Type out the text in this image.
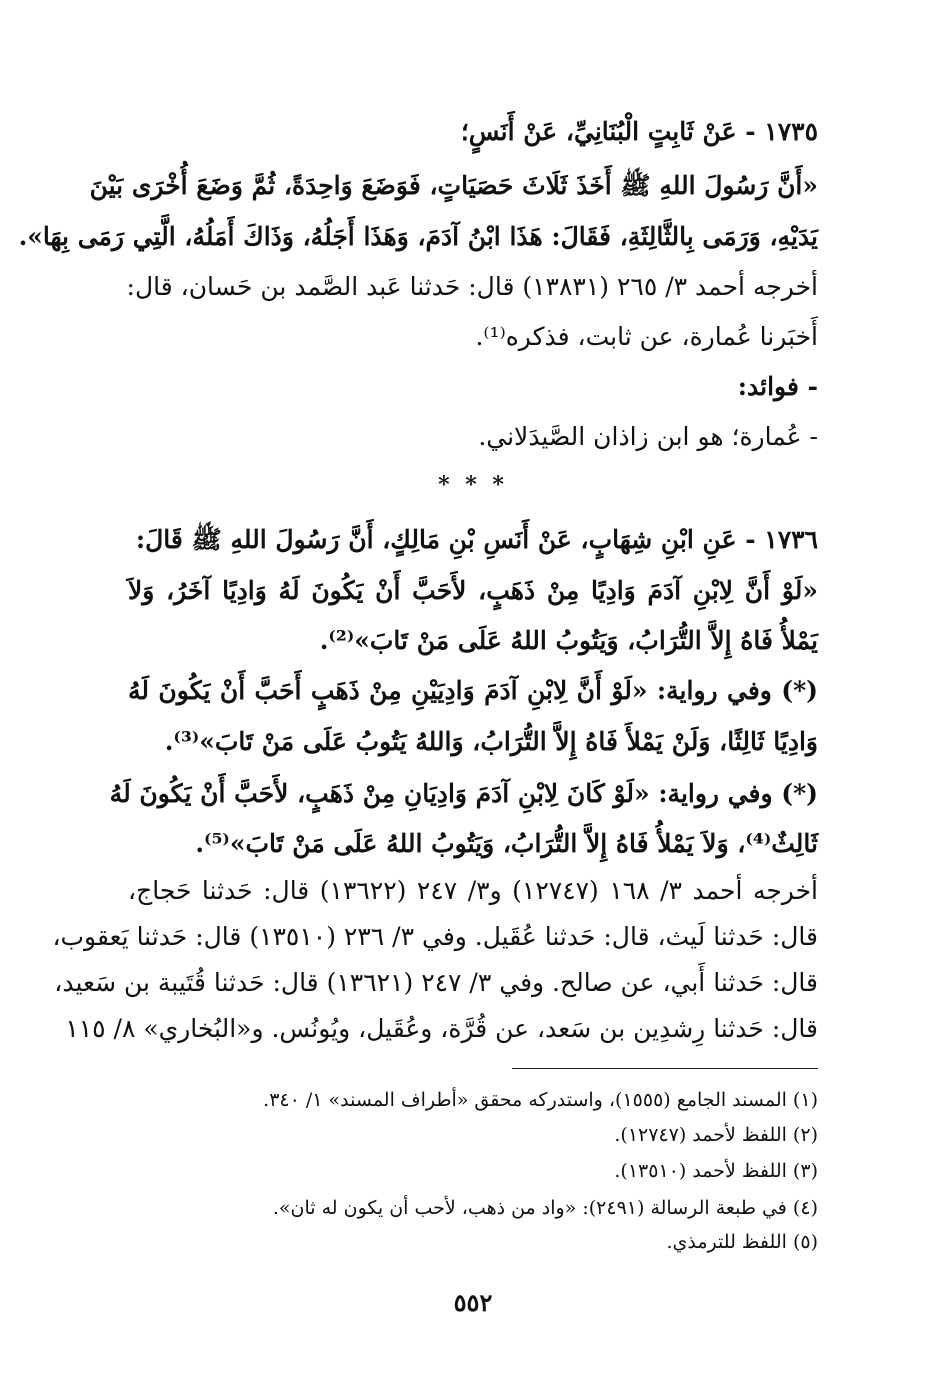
١٧٣٥ - عَنْ ثَابِتٍ الْبُنَانِيِّ، عَنْ أَنَسٍ؛
«أَنَّ رَسُولَ اللهِ ﷺ أَخَذَ ثَلَاثَ حَصَيَاتٍ، فَوَضَعَ وَاحِدَةً، ثُمَّ وَضَعَ أُخْرَى بَيْنَ
يَدَيْهِ، وَرَمَى بِالثَّالِثَةِ، فَقَالَ: هَذَا ابْنُ آدَمَ، وَهَذَا أَجَلُهُ، وَذَاكَ أَمَلُهُ، الَّتِي رَمَى بِهَا».
أخرجه أحمد ٣/ ٢٦٥ (١٣٨٣١) قال: حَدثنا عَبد الصَّمد بن حَسان، قال:
أَخبَرنا عُمارة، عن ثابت، فذكره⁽¹⁾.
- فوائد:
- عُمارة؛ هو ابن زاذان الصَّيدَلاني.
* * *
١٧٣٦ - عَنِ ابْنِ شِهَابٍ، عَنْ أَنَسِ بْنِ مَالِكٍ، أَنَّ رَسُولَ اللهِ ﷺ قَالَ:
«لَوْ أَنَّ لِابْنِ آدَمَ وَادِيًا مِنْ ذَهَبٍ، لأَحَبَّ أَنْ يَكُونَ لَهُ وَادِيًا آخَرُ، وَلاَ
يَمْلأُ فَاهُ إِلاَّ التُّرَابُ، وَيَتُوبُ اللهُ عَلَى مَنْ تَابَ»⁽²⁾.
(*) وفي رواية: «لَوْ أَنَّ لِابْنِ آدَمَ وَادِيَيْنِ مِنْ ذَهَبٍ أَحَبَّ أَنْ يَكُونَ لَهُ
وَادِيًا ثَالِثًا، وَلَنْ يَمْلأَ فَاهُ إِلاَّ التُّرَابُ، وَاللهُ يَتُوبُ عَلَى مَنْ تَابَ»⁽³⁾.
(*) وفي رواية: «لَوْ كَانَ لِابْنِ آدَمَ وَادِيَانِ مِنْ ذَهَبٍ، لأَحَبَّ أَنْ يَكُونَ لَهُ
ثَالِثٌ⁽⁴⁾، وَلاَ يَمْلأُ فَاهُ إِلاَّ التُّرَابُ، وَيَتُوبُ اللهُ عَلَى مَنْ تَابَ»⁽⁵⁾.
أخرجه أحمد ٣/ ١٦٨ (١٢٧٤٧) و٣/ ٢٤٧ (١٣٦٢٢) قال: حَدثنا حَجاج،
قال: حَدثنا لَيث، قال: حَدثنا عُقَيل. وفي ٣/ ٢٣٦ (١٣٥١٠) قال: حَدثنا يَعقوب،
قال: حَدثنا أَبي، عن صالح. وفي ٣/ ٢٤٧ (١٣٦٢١) قال: حَدثنا قُتَيبة بن سَعيد،
قال: حَدثنا رِشدِين بن سَعد، عن قُرَّة، وعُقَيل، ويُونُس. و«البُخاري» ٨/ ١١٥
(١) المسند الجامع (١٥٥٥)، واستدركه محقق «أطراف المسند» ١/ ٣٤٠.
(٢) اللفظ لأحمد (١٢٧٤٧).
(٣) اللفظ لأحمد (١٣٥١٠).
(٤) في طبعة الرسالة (٢٤٩١): «واد من ذهب، لأحب أن يكون له ثان».
(٥) اللفظ للترمذي.
٥٥٢
